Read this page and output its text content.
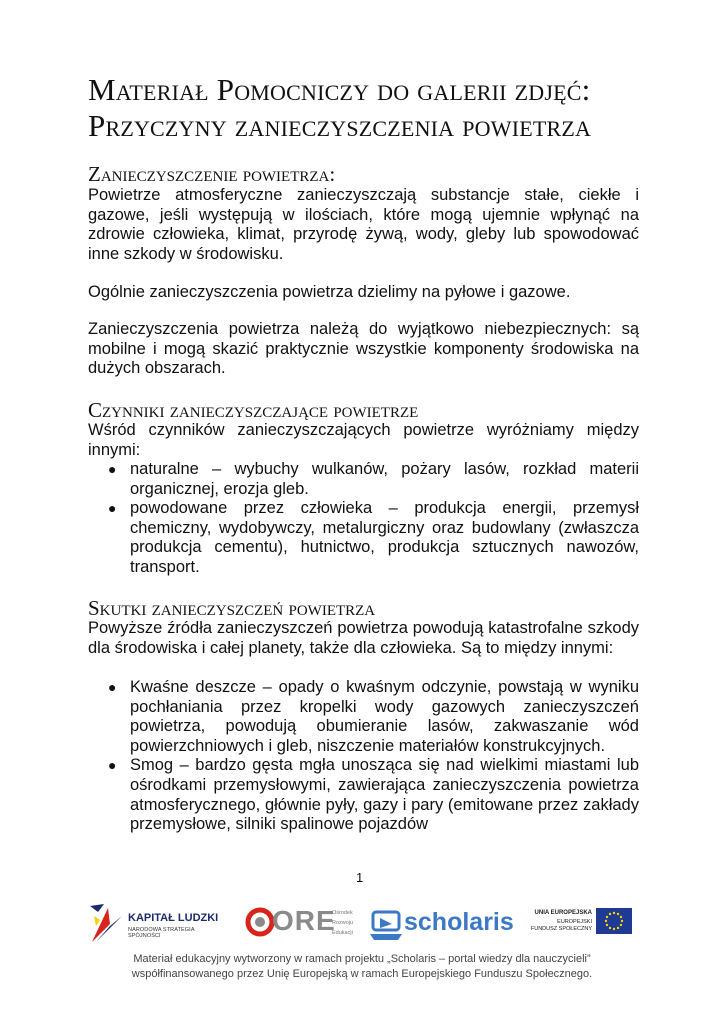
Materiał Pomocniczy do galerii zdjęć:
Przyczyny zanieczyszczenia powietrza
Zanieczyszczenie powietrza:

Powietrze atmosferyczne zanieczyszczają substancje stałe, ciekłe i gazowe, jeśli występują w ilościach, które mogą ujemnie wpłynąć na zdrowie człowieka, klimat, przyrodę żywą, wody, gleby lub spowodować inne szkody w środowisku.

Ogólnie zanieczyszczenia powietrza dzielimy na pyłowe i gazowe.

Zanieczyszczenia powietrza należą do wyjątkowo niebezpiecznych: są mobilne i mogą skazić praktycznie wszystkie komponenty środowiska na dużych obszarach.

Czynniki zanieczyszczające powietrze

Wśród czynników zanieczyszczających powietrze wyróżniamy między innymi:

● naturalne – wybuchy wulkanów, pożary lasów, rozkład materii organicznej, erozja gleb.
● powodowane przez człowieka – produkcja energii, przemysł chemiczny, wydobywczy, metalurgiczny oraz budowlany (zwłaszcza produkcja cementu), hutnictwo, produkcja sztucznych nawozów, transport.
Skutki zanieczyszczeń powietrza

Powyższe źródła zanieczyszczeń powietrza powodują katastrofalne szkody dla środowiska i całej planety, także dla człowieka. Są to między innymi:

● Kwaśne deszcze – opady o kwaśnym odczynie, powstają w wyniku pochłaniania przez kropelki wody gazowych zanieczyszczeń powietrza, powodują obumieranie lasów, zakwaszanie wód powierzchniowych i gleb, niszczenie materiałów konstrukcyjnych.
● Smog – bardzo gęsta mgła unosząca się nad wielkimi miastami lub ośrodkami przemysłowymi, zawierająca zanieczyszczenia powietrza atmosferycznego, głównie pyły, gazy i pary (emitowane przez zakłady przemysłowe, silniki spalinowe pojazdów
1
KAPITAŁ LUDZKI
NARODOWA STRATEGIA SPÓJNOŚCI	ORE
Ośrodek
Rozwoju
Edukacji scholaris	UNIA EUROPEJSKA
EUROPEJSKI
FUNDUSZ SPOŁECZNY
Materiał edukacyjny wytworzony w ramach projektu „Scholaris – portal wiedzy dla nauczycieli”
współfinansowanego przez Unię Europejską w ramach Europejskiego Funduszu Społecznego.
